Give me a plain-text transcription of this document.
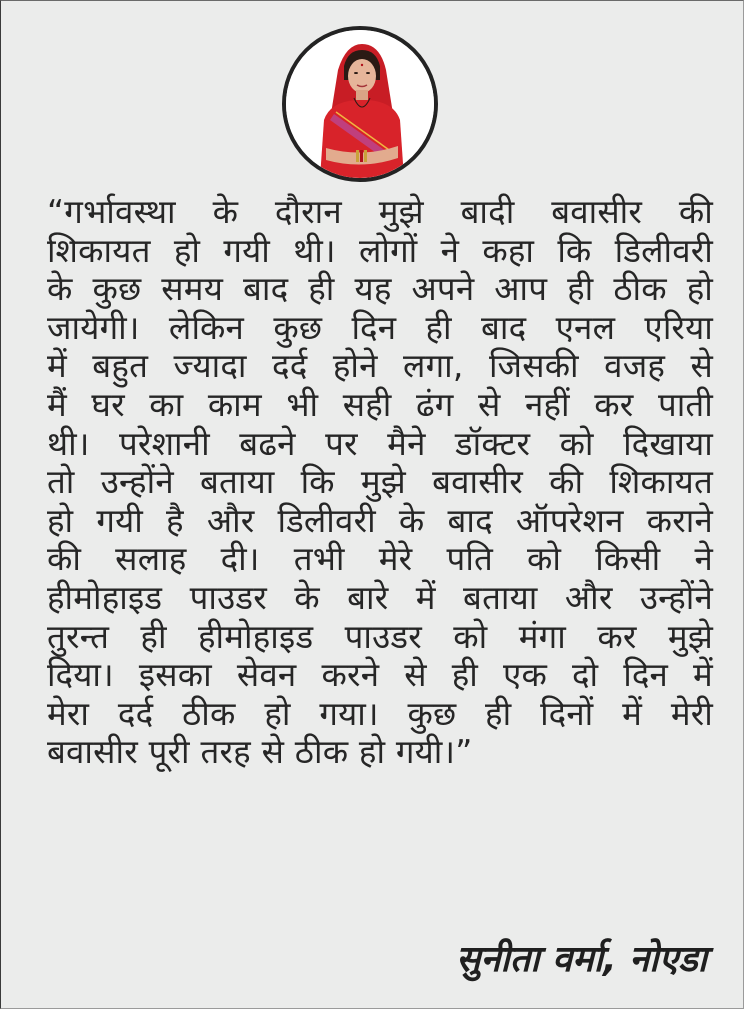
“गर्भावस्था के दौरान मुझे बादी बवासीर की
शिकायत हो गयी थी। लोगों ने कहा कि डिलीवरी
के कुछ समय बाद ही यह अपने आप ही ठीक हो
जायेगी। लेकिन कुछ दिन ही बाद एनल एरिया
में बहुत ज्यादा दर्द होने लगा, जिसकी वजह से
मैं घर का काम भी सही ढंग से नहीं कर पाती
थी। परेशानी बढने पर मैने डॉक्टर को दिखाया
तो उन्होंने बताया कि मुझे बवासीर की शिकायत
हो गयी है और डिलीवरी के बाद ऑपरेशन कराने
की सलाह दी। तभी मेरे पति को किसी ने
हीमोहाइड पाउडर के बारे में बताया और उन्होंने
तुरन्त ही हीमोहाइड पाउडर को मंगा कर मुझे
दिया। इसका सेवन करने से ही एक दो दिन में
मेरा दर्द ठीक हो गया। कुछ ही दिनों में मेरी
बवासीर पूरी तरह से ठीक हो गयी।”

सुनीता वर्मा, नोएडा
